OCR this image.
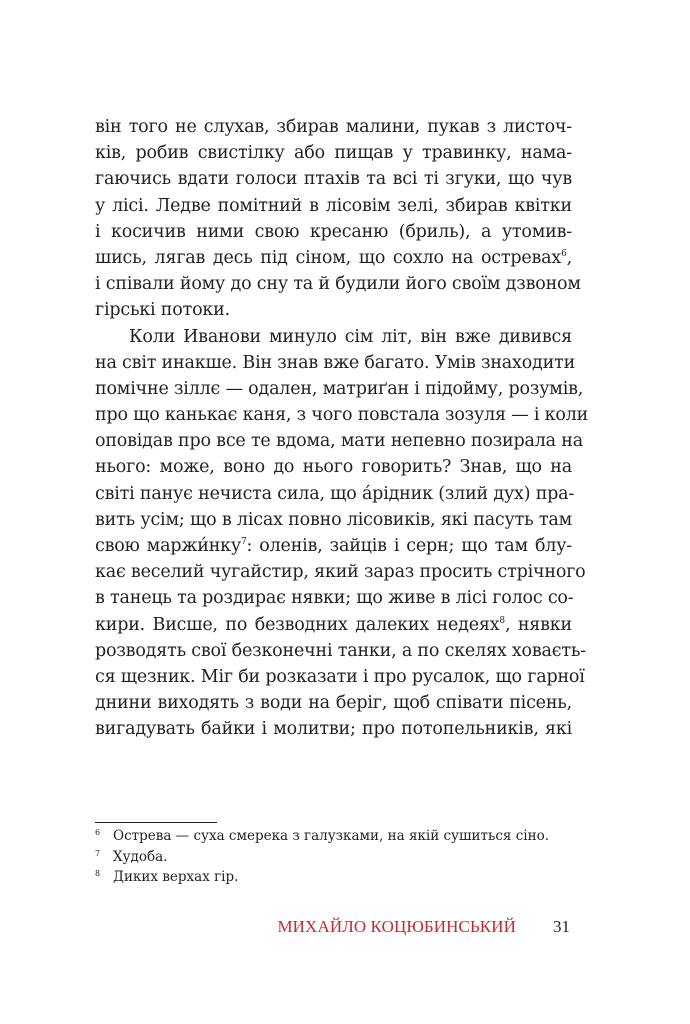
він того не слухав, збирав малини, пукав з листоч-
ків, робив свистілку або пищав у травинку, нама-
гаючись вдати голоси птахів та всі ті згуки, що чув
у лісі. Ледве помітний в лісовім зелі, збирав квітки
і косичив ними свою кресаню (бриль), а утомив-
шись, лягав десь під сіном, що сохло на остревах$^6$,
і співали йому до сну та й будили його своїм дзвоном
гірські потоки.
Коли Иванови минуло сім літ, він вже дивився
на світ инакше. Він знав вже багато. Умів знаходити
помічне зіллє — одален, матриґан і підойму, розумів,
про що канькає каня, з чого повстала зозуля — і коли
оповідав про все те вдома, мати непевно позирала на
нього: може, воно до нього говорить? Знав, що на
світі панує нечиста сила, що а́рідник (злий дух) пра-
вить усім; що в лісах повно лісовиків, які пасуть там
свою маржи́нку$^7$: оленів, зайців і серн; що там блу-
кає веселий чугайстир, який зараз просить стрічного
в танець та роздирає нявки; що живе в лісі голос со-
кири. Висше, по безводних далеких недеях$^8$, нявки
розводять свої безконечні танки, а по скелях ховаєть-
ся щезник. Міг би розказати і про русалок, що гарної
днини виходять з води на беріг, щоб співати пісень,
вигадувать байки і молитви; про потопельників, які
6 Острева — суха смерека з галузками, на якій сушиться сіно.
7 Худоба.
8 Диких верхах гір.
МИХАЙЛО КОЦЮБИНСЬКИЙ 31
